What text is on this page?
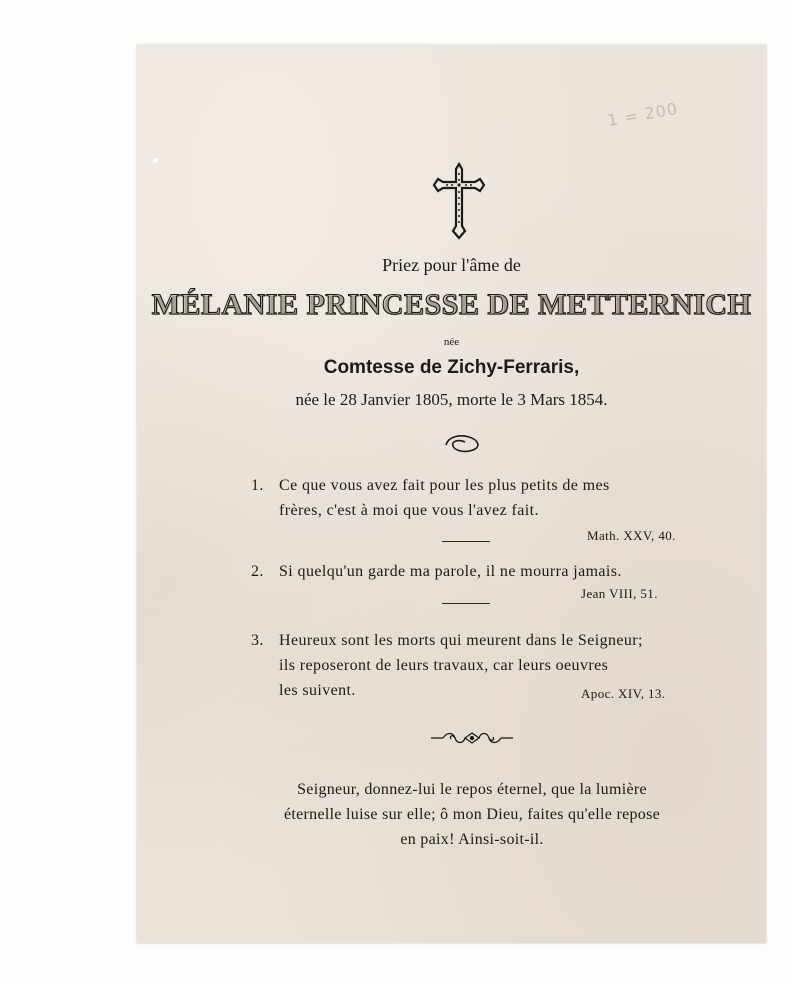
1 = 200
Priez pour l'âme de
MÉLANIE PRINCESSE DE METTERNICH
née
Comtesse de Zichy-Ferraris,
née le 28 Janvier 1805, morte le 3 Mars 1854.
1. Ce que vous avez fait pour les plus petits de mes
frères, c'est à moi que vous l'avez fait.
Math. XXV, 40.
2. Si quelqu'un garde ma parole, il ne mourra jamais.
Jean VIII, 51.
3. Heureux sont les morts qui meurent dans le Seigneur;
ils reposeront de leurs travaux, car leurs oeuvres
les suivent.	Apoc. XIV, 13.
Seigneur, donnez-lui le repos éternel, que la lumière
éternelle luise sur elle; ô mon Dieu, faites qu'elle repose
en paix! Ainsi-soit-il.
